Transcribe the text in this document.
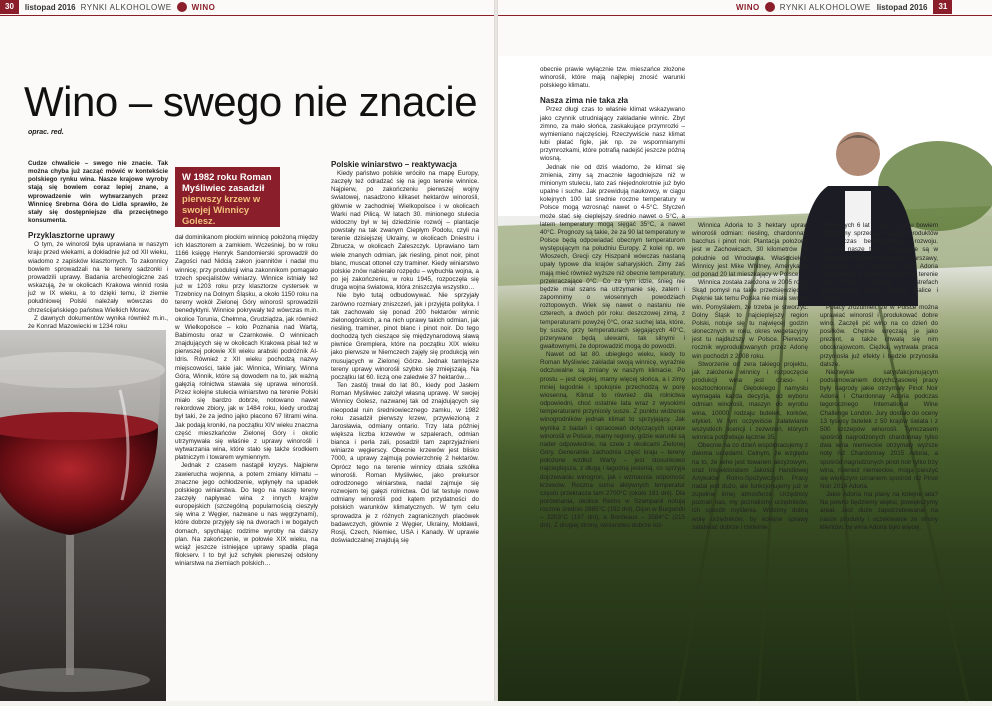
30	listopad 2016 RYNKI ALKOHOLOWE	WINO	WINO	RYNKI ALKOHOLOWE listopad 2016	31
Wino – swego nie znacie
oprac. red.

Cudze chwalicie – swego nie znacie. Tak można chyba już zacząć mówić w kontekście polskiego rynku wina. Nasze krajowe wyroby stają się bowiem coraz lepiej znane, a wprowadzenie win wytwarzanych przez Winnicę Srebrna Góra do Lidla sprawiło, że stały się dostępniejsze dla przeciętnego konsumenta.

Przyklasztorne uprawy

O tym, że winorośl była uprawiana w naszym kraju przed wiekami, a dokładnie już od XII wieku, wiadomo z zapisków klasztornych. To zakonnicy bowiem sprowadzali na te tereny sadzonki i prowadzili uprawy. Badania archeologiczne zaś wskazują, że w okolicach Krakowa winnid rosła już w IX wieku, a to dzięki temu, iż ziemie południowej Polski należały wówczas do chrześcijańskiego państwa Wielkich Moraw.

Z dawnych dokumentów wynika również m.in., że Konrad Mazowiecki w 1234 roku

W 1982 roku Roman Myśliwiec zasadził
pierwszy krzew w swojej Winnicy
Golesz.

dał dominikanom płockim winnicę położoną między ich klasztorem a zamkiem. Wcześniej, bo w roku 1166 księgę Henryk Sandomierski sprowadził do Zagości nad Nidcią zakon joannitów i nadał mu winnicę; przy produkcji wina zakonnikom pomagało trzech specjalistów winiarzy. Winnice istniały też już w 1203 roku przy klasztorze cystersek w Trzebnicy na Dolnym Śląsku, a około 1150 roku na tereny wokół Zielonej Góry winorośl sprowadzili benedyktyni. Winnice pokrywały też wówczas m.in. okolice Torunia, Chełmna, Grudziądza, jak również w Wielkopolsce – koło Poznania nad Wartą, Babimostu oraz w Czarnkowie. O winnicach znajdujących się w okolicach Krakowa pisał też w pierwszej połowie XII wieku arabski podróżnik Al-Idris. Również z XII wieku pochodzą nazwy miejscowości, takie jak: Winnica, Winiary, Winna Góra, Winnik, które są dowodem na to, jak ważną gałęzią rolnictwa stawała się uprawa winorośli. Przez kolejne stulecia winiarstwo na terenie Polski miało się bardzo dobrze, notowano nawet rekordowe zbiory, jak w 1484 roku, kiedy urodzaj był taki, że za jedno jajko płacono 67 litrami wina. Jak podają kroniki, na początku XIV wieku znaczna część mieszkańców Zielonej Góry i okolic utrzymywała się właśnie z uprawy winorośli i wytwarzania wina, które stało się także środkiem płatniczym i towarem wymiennym.

Jednak z czasem nastąpił kryzys. Najpierw zawierucha wojenna, a potem zmiany klimatu – znaczne jego ochłodzenie, wpłynęły na upadek polskiego winiarstwa. Do tego na naszę tereny zaczęły napływać wina z innych krajów europejskich (szczególną popularnością cieszyły się wina z Węgier, nazwane u nas węgrzynami), które dobrze przyjęły się na dworach i w bogatych domach, spychając rodzime wyroby na dalszy plan. Na zakończenie, w połowie XIX wieku, na wciąż jeszcze istniejące uprawy spadła plaga filokserv. I to był już schyłek pierwszej odsłony winiarstwa na ziemiach polskich…

Polskie winiarstwo – reaktywacja

Kiedy państwo polskie wróciło na mapę Europy, zaczęły też odradzać się na jego terenie winnice. Najpierw, po zakończeniu pierwszej wojny światowej, nasadzono kilkaset hektarów winorośli, głównie w zachodniej Wielkopolsce i w okolicach Warki nad Pilicą. W latach 30. minionego stulecia widoczny był w tej dziedzinie rozwój – plantacje powstały na tak zwanym Ciepłym Podolu, czyli na terenie dzisiejszej Ukrainy, w okolicach Dniestru i Zbrucza, w okolicach Zaleszczyk. Uprawiano tam wiele znanych odmian, jak riesling, pinot noir, pinot blanc, muscat ottonel czy traminer. Kiedy winiarstwo polskie znów nabierało rozpędu – wybuchła wojna, a po jej zakończeniu, w roku 1945, rozpoczęła się druga wojna światowa, która zniszczyła wszystko…

Nie było tutaj odbudowywać. Nie sprzyjały zarówno rozmiary zniszczeń, jak i przyjęta polityka. I tak zachowało się ponad 200 hektarów winnic zielonogórskich, a na nich uprawy takich odmian, jak riesling, traminer, pinot blanc i pinot noir. Do tego dochodzą tych cieszące się międzynarodową sławą piwnice Gremplera, które na początku XIX wieku jako pierwsze w Niemczech zajęły się produkcją win musujących w Zielonej Górze. Jednak tamtejsze tereny uprawy winorośli szybko się zmiejszają. Na początku lat 60. liczą one zaledwie 37 hektarów…

Ten zastój trwał do lat 80., kiedy pod Jasłem Roman Myśliwiec założył własną uprawę. W swojej Winnicy Golesz, nazwanej tak od znajdujących się nieopodal ruin średniowiecznego zamku, w 1982 roku zasadził pierwszy krzew, przywiezioną z Jarosławia, odmiany ontario. Trzy lata później większa liczba krzewów w szpalerach, odmian bianca i perła zali, posadził tam zaprzyjaźnieni winiarze węgierscy. Obecnie krzewów jest blisko 7000, a uprawy zajmują powierzchnię 2 hektarów. Oprócz tego na terenie winnicy działa szkółka winorośli. Roman Myśliwiec, jako prekursor odrodzonego winiarstwa, nadal zajmuje się rozwojem tej gałęzi rolnictwa. Od lat testuje nowe odmiany winorośli pod kątem przydatności do polskich warunków klimatycznych. W tym celu sprowadza je z różnych zagranicznych placówek badawczych, głównie z Węgier, Ukrainy, Mołdawii, Rosji, Czech, Niemiec, USA i Kanady. W uprawie doświadczalnej znajdują się

Mike Whitney
Winnica Adoria

obecnie prawie wyłącznie tzw. mieszańce złożone winorośli, które mają najlepiej znosić warunki polskiego klimatu.

Nasza zima nie taka zła

Przez długi czas to właśnie klimat wskazywano jako czynnik utrudniający zakładanie winnic. Zbyt zimno, za mało słońca, zaskakujące przymrozki – wymieniano najczęściej. Rzeczywiście nasz klimat łubi płatać figle, jak np. ze wspomnianymi przymrozkami, które potrafią nadejść jeszcze późną wiosną.

Jednak nie od dziś wiadomo, że klimat się zmienia, zimy są znacznie łagodniejsze niż w minionym stuleciu, lato zaś niejednokrotnie już było upalne i suche. Jak przewidują naukowcy, w ciągu kolejnych 100 lat średnie roczne temperatury w Polsce mogą wzrosnąć nawet o 4-5°C. Styczeń może stać się cieplejszy średnio nawet o 5°C, a latem temperatury mogą sięgać 35°C, a nawet 40°C. Prognozy są takie, że za 90 lat temperatury w Polsce będą odpowiadać obecnym temperaturom występującym na południu Europy. Z kolei np. we Włoszech, Grecji czy Hiszpanii wówczas nastaną upały typowe dla krajów saharyjskich. Zimy zaś mają mieć również wyższe niż obecnie temperatury, przekraczające 0°C. Co za tym idzie, śnieg nie będzie miał szans na utrzymanie się, zatem i zapomnimy o wiosennych powodziach roztopowych. Wiek się nawet o nastaniu nie czterech, a dwóch pór roku: deszczowej zimą, z temperaturami powyżej 0°C, oraz suchej lata, które, by susze, przy temperaturach sięgających 40°C, przerywane będą ulewami, tak silnymi i gwałtownymi, że doprowadzić mogą do powodzi.

Nawet od lat 80. ubiegłego wieku, kiedy to Roman Myśliwiec zakładał swoją winnicę, wyraźnie odczuwalne są zmiany w naszym klimacie. Po prostu – jest cieplej, mamy więcej słońca, a i zimy mniej łagodnie i spokojnie przechodzą w porę wiosenną. Klimat to również dla rolnictwa odpowiedni, choć ostatnie lata wraz z wysokimi temperaturami przyniosły susze. Z punktu widzenia winogrodników jednak klimat to sprzyjający. Jak wynika z badań i opracowań dotyczących upraw winorośli w Polsce, mamy regiony, gdzie warunki są nader odpowiednie, na czele z okolicami Zielonej Góry. Generalnie zachodnia część kraju – tereny położone wzdłuż Warty – jest stosunkowo najcieplejsza, z długą i łagodną jesienią, co sprzyja dojrzewaniu winogron, jak i wzmacnia odporność krzewów. Roczna suma aktywnych temperatur często przekracza tam 2700°C (około 181 dni). Dla porównania, okolice Reims w Szampanii notują rocznie średnio 2885°C (192 dni), Dijon w Burgundii – 3203°C (197 dni), a Bordeaux – 3584°C (215 dni). Z drugiej strony, winiarstwo dobrze roz-

Winnica Adoria to 3 hektary upraw winorośli odmian: riesling, chardonnay, bacchus i pinot noir. Plantacja położona jest w Zachowicach, 30 kilometrów na południe od Wrocławia. Właścicielem Winnicy jest Mike Whitney, Amerykanin od ponad 20 lat mieszkający w Polsce.

Winnica została założona w 2005 roku. Skąd pomysł na takie przedsięwzięcie? Pięknie tak temu Polska nie miała swoich win. Pomyślałem, że trzeba je stworzyć. Dolny Śląsk to najcieplejszy region Polski, notuje się tu najwięcej godzin słonecznych w roku, okres wegetacyjny jest tu najdłuższy w Polsce. Pierwszy rocznik wyprodukowanych przez Adorię win pochodzi z 2008 roku.

Stworzenie od zera takiego projektu, jak założenie winnicy i rozpoczęcie produkcji wina jest czaso- i kosztochłonne. Głębokiego namysłu wymagała każda decyzja, od wyboru odmian winorośli, maszyn do wyrobu wina, 10000 rodzaju butelek, korków, etykiet. W tym oczywiście załatwianie wszystkich licencji i zezwoleń, których winnica potrzebuje łącznie 35.

Obecnie na co dzień współpracujemy z dwoma urzędami: Celnym, ze względu na to, że wino jest towarem akcyzowym, oraz Inspektoratem Jakości Handlowej Artykułów Rolno-Spożywczych. Pracy nadal jest dużo, ale funkcjonujemy już w zupełnie innej atmosferze. Urzędnicy poznali nas, my poznaliśmy urzędników, ich sposób myślenia. Widzimy dobrą wolę urzędników, by kolejne sprawy załatwiać dobrze i rzetelnie.

Minionych 6 lat – tyle lat temu bowiem zaczęliśmy sprzedaż naszych produktów – to czas beznostannego rozwoju. Obecnie nasze trunki podawane są w najlepszych polskich hotelach Warszawy, Wrocławia czy Trójmiasta. Wina Adoria można kupić w wielu sklepach na terenie całej Polski, również w strefach wolnocłowych lotnisk Okęcie, Balice i Gdańsk.

Polacy zrozumieli, że w Polsce można uprawiać winorośl i produkować dobre wino. Zaczęli pić wino na co dzień do posiłków. Chętnie wręczają je jako prezent, a także chwalą się nim obcokrajowcom. Ciężka, wytrwała praca przyniosła już efekty i będzie przynosiła dalsze.

Niezwykle satysfakcjonującym podsumowaniem dotychczasowej pracy były nagrody jakie otrzymały Pinot Noir Adoria i Chardonnay Adoria podczas tegorocznego International Wine Challenge London. Jury dostało do oceny 13 tysięcy butelek z 50 krajów świata i z 500 szczepów winorośli. Tymczasem spośród nagrodzonych chardonnay tylko dwa wina niemieckie otrzymały wyższe noty niż Chardonnay 2015 Adoria, a spośród nagrodzonych pinot noir tylko trzy wina, również niemieckie, mogą cieszyć się większym uznaniem spośród niż Pinot Noir 2014 Adoria.

Jakie Adoria ma plany na kolejne lata? Na pewno będziemy więksi, powiększymy areał. Jest duże zapotrzebowanie na nasze produkty i oczekiwanie ze strony klientów, by wina Adoria było więcej.
